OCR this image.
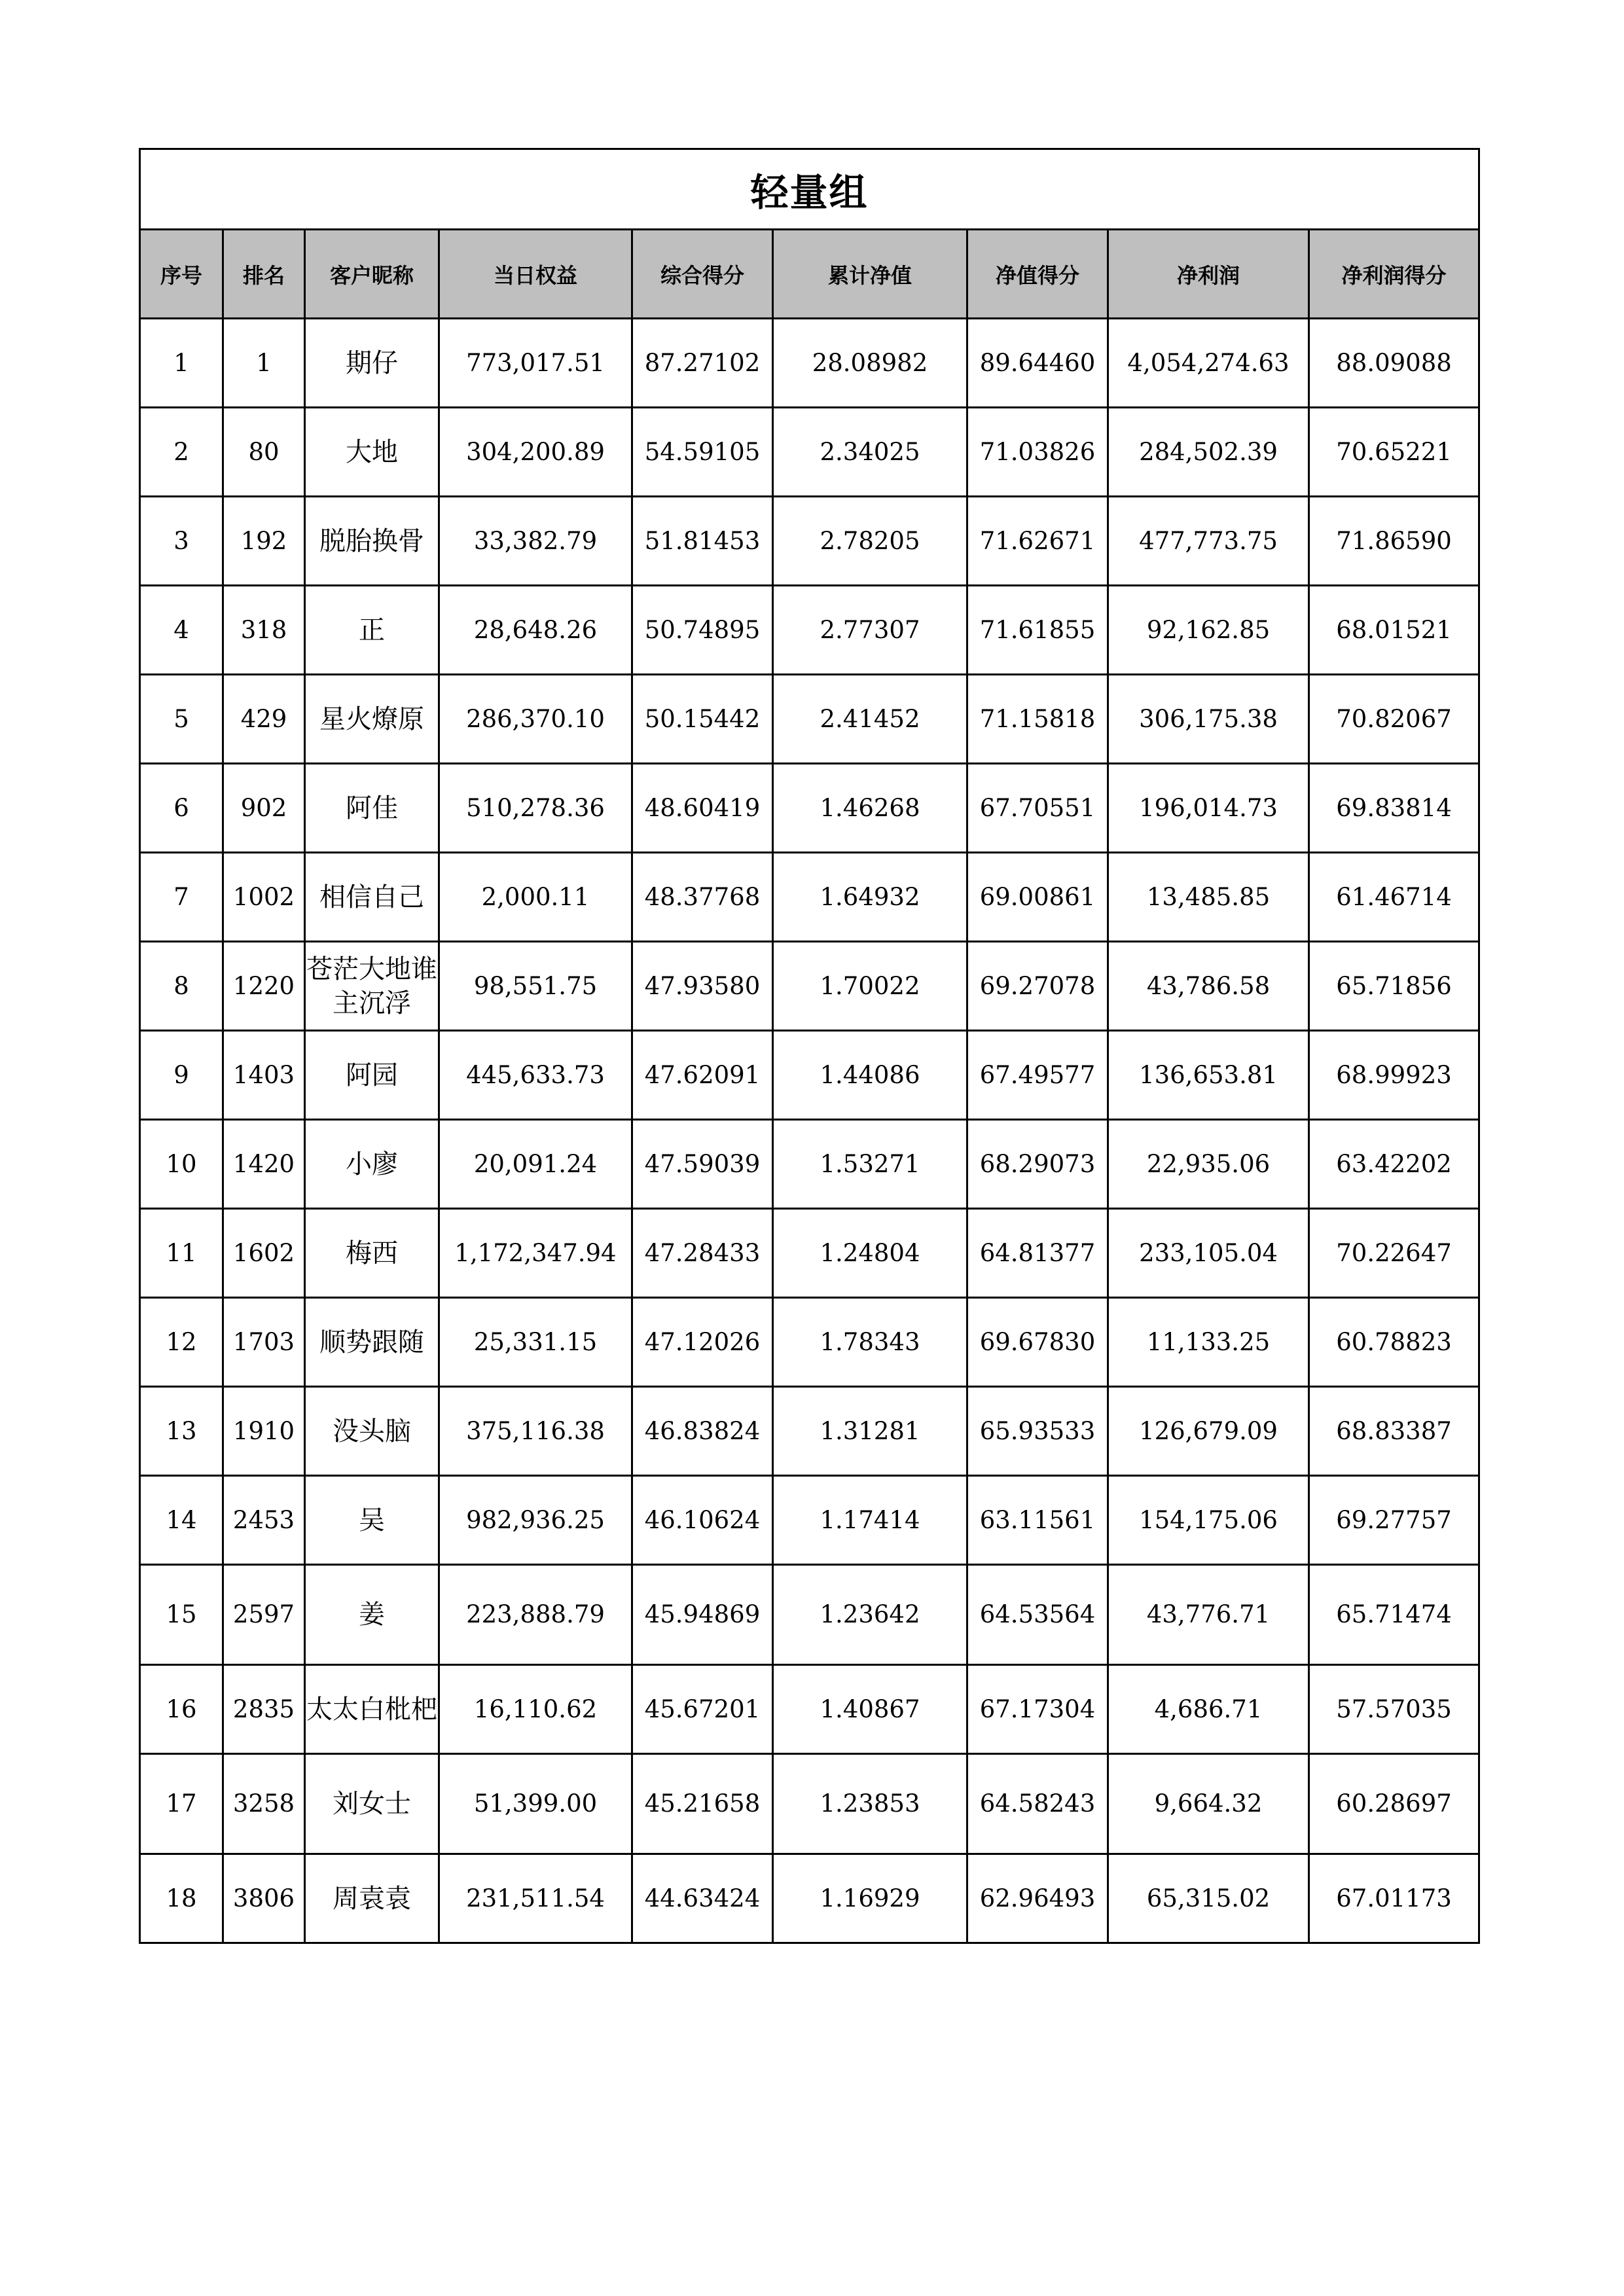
轻量组								
序号	排名	客户昵称	当日权益	综合得分	累计净值	净值得分	净利润	净利润得分
1	1	期仔	773,017.51	87.27102	28.08982	89.64460	4,054,274.63	88.09088
2	80	大地	304,200.89	54.59105	2.34025	71.03826	284,502.39	70.65221
3	192	脱胎换骨	33,382.79	51.81453	2.78205	71.62671	477,773.75	71.86590
4	318	正	28,648.26	50.74895	2.77307	71.61855	92,162.85	68.01521
5	429	星火燎原	286,370.10	50.15442	2.41452	71.15818	306,175.38	70.82067
6	902	阿佳	510,278.36	48.60419	1.46268	67.70551	196,014.73	69.83814
7	1002	相信自己	2,000.11	48.37768	1.64932	69.00861	13,485.85	61.46714
8	1220	苍茫大地谁主沉浮	98,551.75	47.93580	1.70022	69.27078	43,786.58	65.71856
9	1403	阿园	445,633.73	47.62091	1.44086	67.49577	136,653.81	68.99923
10	1420	小廖	20,091.24	47.59039	1.53271	68.29073	22,935.06	63.42202
11	1602	梅西	1,172,347.94	47.28433	1.24804	64.81377	233,105.04	70.22647
12	1703	顺势跟随	25,331.15	47.12026	1.78343	69.67830	11,133.25	60.78823
13	1910	没头脑	375,116.38	46.83824	1.31281	65.93533	126,679.09	68.83387
14	2453	吴	982,936.25	46.10624	1.17414	63.11561	154,175.06	69.27757
15	2597	姜	223,888.79	45.94869	1.23642	64.53564	43,776.71	65.71474
16	2835	太太白枇杷	16,110.62	45.67201	1.40867	67.17304	4,686.71	57.57035
17	3258	刘女士	51,399.00	45.21658	1.23853	64.58243	9,664.32	60.28697
18	3806	周袁袁	231,511.54	44.63424	1.16929	62.96493	65,315.02	67.01173
